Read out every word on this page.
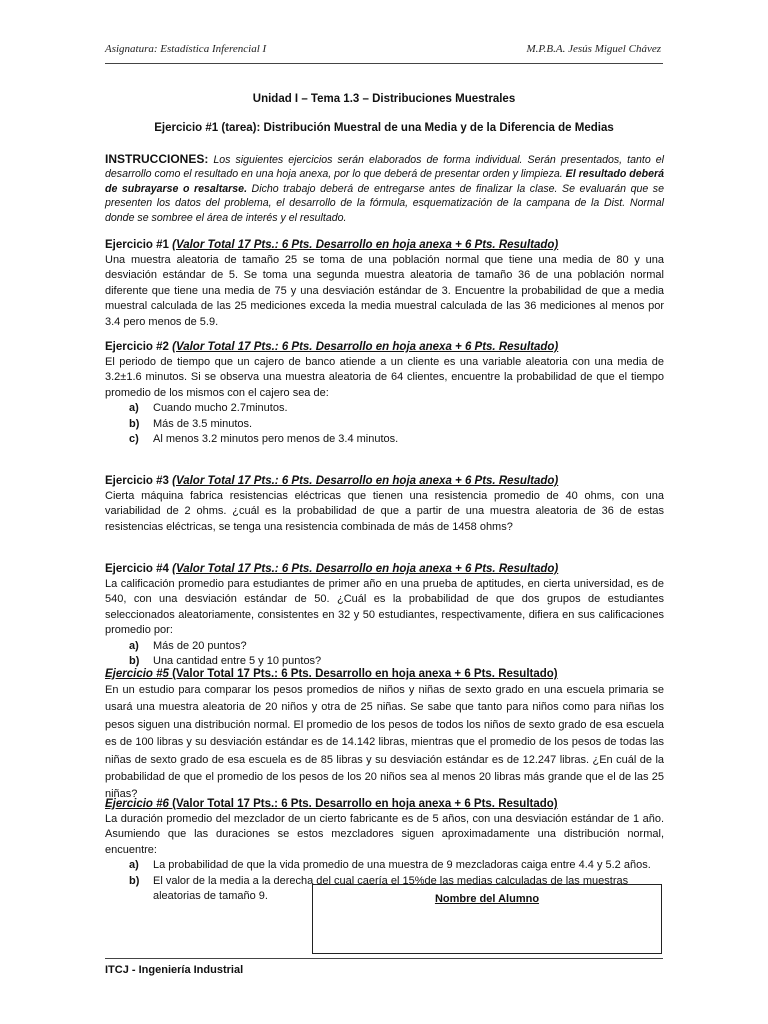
Asignatura: Estadística Inferencial I	M.P.B.A. Jesús Miguel Chávez
Unidad I – Tema 1.3 – Distribuciones Muestrales
Ejercicio #1 (tarea): Distribución Muestral de una Media y de la Diferencia de Medias
INSTRUCCIONES: Los siguientes ejercicios serán elaborados de forma individual. Serán presentados, tanto el desarrollo como el resultado en una hoja anexa, por lo que deberá de presentar orden y limpieza. El resultado deberá de subrayarse o resaltarse. Dicho trabajo deberá de entregarse antes de finalizar la clase. Se evaluarán que se presenten los datos del problema, el desarrollo de la fórmula, esquematización de la campana de la Dist. Normal donde se sombree el área de interés y el resultado.
Ejercicio #1 (Valor Total 17 Pts.: 6 Pts. Desarrollo en hoja anexa + 6 Pts. Resultado)

Una muestra aleatoria de tamaño 25 se toma de una población normal que tiene una media de 80 y una desviación estándar de 5. Se toma una segunda muestra aleatoria de tamaño 36 de una población normal diferente que tiene una media de 75 y una desviación estándar de 3. Encuentre la probabilidad de que a media muestral calculada de las 25 mediciones exceda la media muestral calculada de las 36 mediciones al menos por 3.4 pero menos de 5.9.

Ejercicio #2 (Valor Total 17 Pts.: 6 Pts. Desarrollo en hoja anexa + 6 Pts. Resultado)

El periodo de tiempo que un cajero de banco atiende a un cliente es una variable aleatoria con una media de 3.2±1.6 minutos. Si se observa una muestra aleatoria de 64 clientes, encuentre la probabilidad de que el tiempo promedio de los mismos con el cajero sea de:

a) Cuando mucho 2.7minutos.
b) Más de 3.5 minutos.
c) Al menos 3.2 minutos pero menos de 3.4 minutos.
Ejercicio #3 (Valor Total 17 Pts.: 6 Pts. Desarrollo en hoja anexa + 6 Pts. Resultado)

Cierta máquina fabrica resistencias eléctricas que tienen una resistencia promedio de 40 ohms, con una variabilidad de 2 ohms. ¿cuál es la probabilidad de que a partir de una muestra aleatoria de 36 de estas resistencias eléctricas, se tenga una resistencia combinada de más de 1458 ohms?

Ejercicio #4 (Valor Total 17 Pts.: 6 Pts. Desarrollo en hoja anexa + 6 Pts. Resultado)

La calificación promedio para estudiantes de primer año en una prueba de aptitudes, en cierta universidad, es de 540, con una desviación estándar de 50. ¿Cuál es la probabilidad de que dos grupos de estudiantes seleccionados aleatoriamente, consistentes en 32 y 50 estudiantes, respectivamente, difiera en sus calificaciones promedio por:

a) Más de 20 puntos?
b) Una cantidad entre 5 y 10 puntos?
Ejercicio #5 (Valor Total 17 Pts.: 6 Pts. Desarrollo en hoja anexa + 6 Pts. Resultado)

En un estudio para comparar los pesos promedios de niños y niñas de sexto grado en una escuela primaria se usará una muestra aleatoria de 20 niños y otra de 25 niñas. Se sabe que tanto para niños como para niñas los pesos siguen una distribución normal. El promedio de los pesos de todos los niños de sexto grado de esa escuela es de 100 libras y su desviación estándar es de 14.142 libras, mientras que el promedio de los pesos de todas las niñas de sexto grado de esa escuela es de 85 libras y su desviación estándar es de 12.247 libras. ¿En cuál de la probabilidad de que el promedio de los pesos de los 20 niños sea al menos 20 libras más grande que el de las 25 niñas?

Ejercicio #6 (Valor Total 17 Pts.: 6 Pts. Desarrollo en hoja anexa + 6 Pts. Resultado)

La duración promedio del mezclador de un cierto fabricante es de 5 años, con una desviación estándar de 1 año. Asumiendo que las duraciones se estos mezcladores siguen aproximadamente una distribución normal, encuentre:

a) La probabilidad de que la vida promedio de una muestra de 9 mezcladoras caiga entre 4.4 y 5.2 años.
b) El valor de la media a la derecha del cual caería el 15%de las medias calculadas de las muestras aleatorias de tamaño 9.	Nombre del Alumno
ITCJ - Ingeniería Industrial
